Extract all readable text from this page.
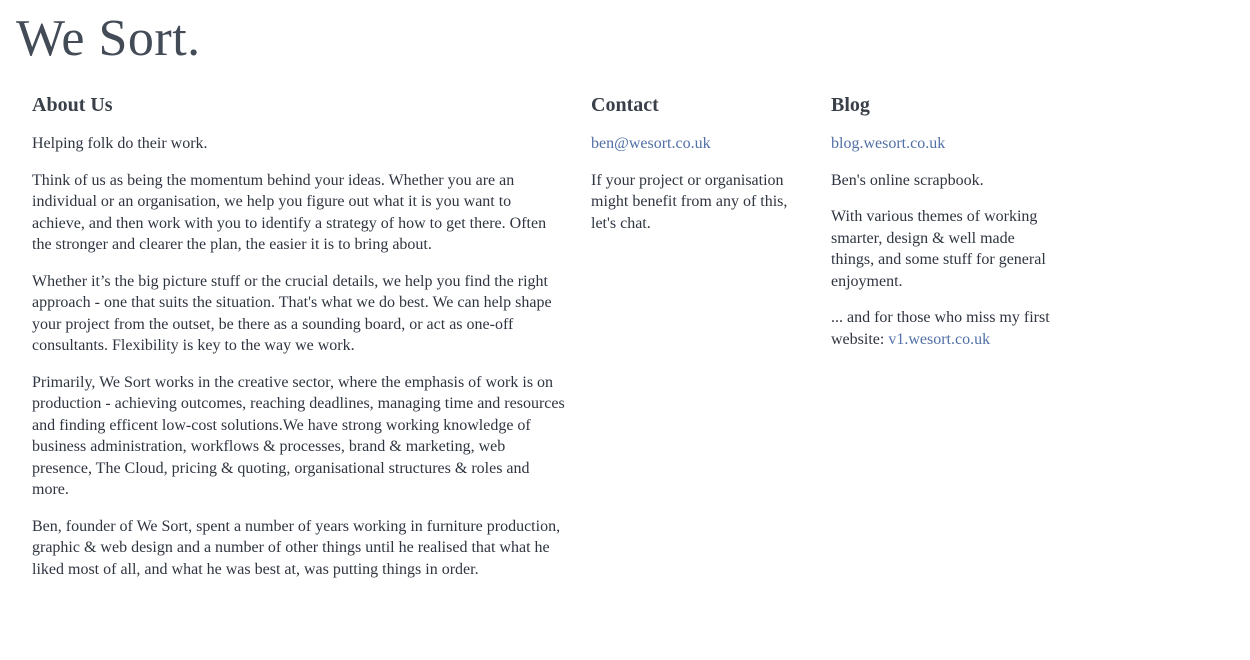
We Sort.
About Us

Helping folk do their work.

Think of us as being the momentum behind your ideas. Whether you are an individual or an organisation, we help you figure out what it is you want to achieve, and then work with you to identify a strategy of how to get there. Often the stronger and clearer the plan, the easier it is to bring about.

Whether it’s the big picture stuff or the crucial details, we help you find the right approach - one that suits the situation. That's what we do best. We can help shape your project from the outset, be there as a sounding board, or act as one-off consultants. Flexibility is key to the way we work.

Primarily, We Sort works in the creative sector, where the emphasis of work is on production - achieving outcomes, reaching deadlines, managing time and resources and finding efficent low-cost solutions.We have strong working knowledge of business administration, workflows & processes, brand & marketing, web presence, The Cloud, pricing & quoting, organisational structures & roles and more.

Ben, founder of We Sort, spent a number of years working in furniture production, graphic & web design and a number of other things until he realised that what he liked most of all, and what he was best at, was putting things in order.

Contact

ben@wesort.co.uk

If your project or organisation might benefit from any of this, let's chat.

Blog

blog.wesort.co.uk

Ben's online scrapbook.

With various themes of working smarter, design & well made things, and some stuff for general enjoyment.

... and for those who miss my first website: v1.wesort.co.uk
